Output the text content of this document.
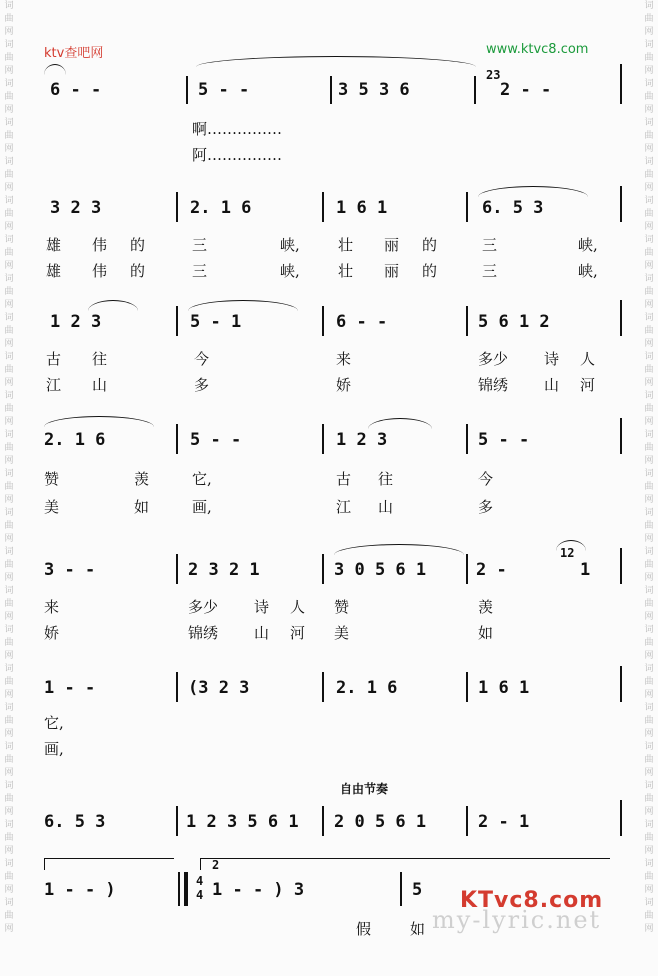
词
曲
网
词
曲
网
词
曲
网
词
曲
网
词
曲
网
词
曲
网
词
曲
网
词
曲
网
词
曲
网
词
曲
网
词
曲
网
词
曲
网
词
曲
网
词
曲
网
词
曲
网
词
曲
网
词
曲
网
词
曲
网
词
曲
网
词
曲
网
词
曲
网
词
曲
网
词
曲
网
词
曲
网
词
曲
网
词
曲
网
词
曲
网
词
曲
网
词
曲
网
词
曲
网
词
曲
网
词
曲
网
词
曲
网
词
曲
网
词
曲
网
词
曲
网
词
曲
网
词
曲
网
词
曲
网
词
曲
网
词
曲
网
词
曲
网
词
曲
网
词
曲
网
词
曲
网
词
曲
网
词
曲
网
词
曲
网
ktv查吧网	www.ktvc8.com
6 - -	5 - -	3 5 3 6
23
2 - -
啊……………
阿……………
3 2 3	2. 1 6	1 6 1	6. 5 3
雄 伟 的	三	峡,	壮 丽 的	三	峡,
雄 伟 的	三	峡,	壮 丽 的	三	峡,
1 2 3	5 - 1	6 - -	5 6 1 2
古 往	今	来	多少 诗 人
江 山	多	娇	锦绣 山 河
2. 1 6	5 - -	1 2 3	5 - -
赞	羡	它,	古 往	今
美	如	画,	江 山	多
3 - -	2 3 2 1	3 0 5 6 1	2 -
12
1
来	多少 诗 人 赞	羡
娇	锦绣 山 河 美	如
1 - -	(3 2 3	2. 1 6	1 6 1
它,
画,
自由节奏
6. 5 3	1 2 3 5 6 1 2 0 5 6 1	2 - 1
1 - - )
2
4
4 1 - - ) 3	5
假	如 my-lyric.net
KTvc8.com
